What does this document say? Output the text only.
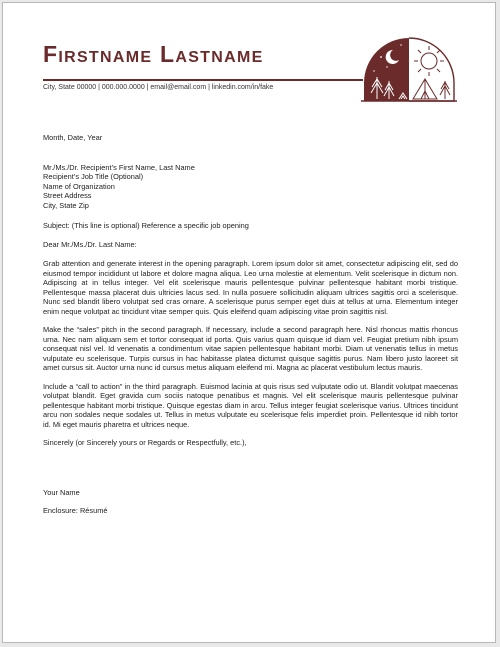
Firstname Lastname
City, State 00000 | 000.000.0000 | email@email.com | linkedin.com/in/fake

Month, Date, Year

Mr./Ms./Dr. Recipient’s First Name, Last Name

Recipient’s Job Title (Optional)

Name of Organization

Street Address

City, State Zip

Subject: (This line is optional) Reference a specific job opening

Dear Mr./Ms./Dr. Last Name:

Grab attention and generate interest in the opening paragraph. Lorem ipsum dolor sit amet, consectetur adipiscing elit, sed do eiusmod tempor incididunt ut labore et dolore magna aliqua. Leo urna molestie at elementum. Velit scelerisque in dictum non. Adipiscing at in tellus integer. Vel elit scelerisque mauris pellentesque pulvinar pellentesque habitant morbi tristique. Pellentesque massa placerat duis ultricies lacus sed. In nulla posuere sollicitudin aliquam ultrices sagittis orci a scelerisque. Nunc sed blandit libero volutpat sed cras ornare. A scelerisque purus semper eget duis at tellus at urna. Elementum integer enim neque volutpat ac tincidunt vitae semper quis. Quis eleifend quam adipiscing vitae proin sagittis nisl.

Make the “sales” pitch in the second paragraph. If necessary, include a second paragraph here. Nisl rhoncus mattis rhoncus urna. Nec nam aliquam sem et tortor consequat id porta. Quis varius quam quisque id diam vel. Feugiat pretium nibh ipsum consequat nisl vel. Id venenatis a condimentum vitae sapien pellentesque habitant morbi. Diam ut venenatis tellus in metus vulputate eu scelerisque. Turpis cursus in hac habitasse platea dictumst quisque sagittis purus. Nam libero justo laoreet sit amet cursus sit. Auctor urna nunc id cursus metus aliquam eleifend mi. Magna ac placerat vestibulum lectus mauris.

Include a “call to action” in the third paragraph. Euismod lacinia at quis risus sed vulputate odio ut. Blandit volutpat maecenas volutpat blandit. Eget gravida cum sociis natoque penatibus et magnis. Vel elit scelerisque mauris pellentesque pulvinar pellentesque habitant morbi tristique. Quisque egestas diam in arcu. Tellus integer feugiat scelerisque varius. Ultrices tincidunt arcu non sodales neque sodales ut. Tellus in metus vulputate eu scelerisque felis imperdiet proin. Pellentesque id nibh tortor id. Mi eget mauris pharetra et ultrices neque.

Sincerely (or Sincerely yours or Regards or Respectfully, etc.),

Your Name

Enclosure: Résumé
